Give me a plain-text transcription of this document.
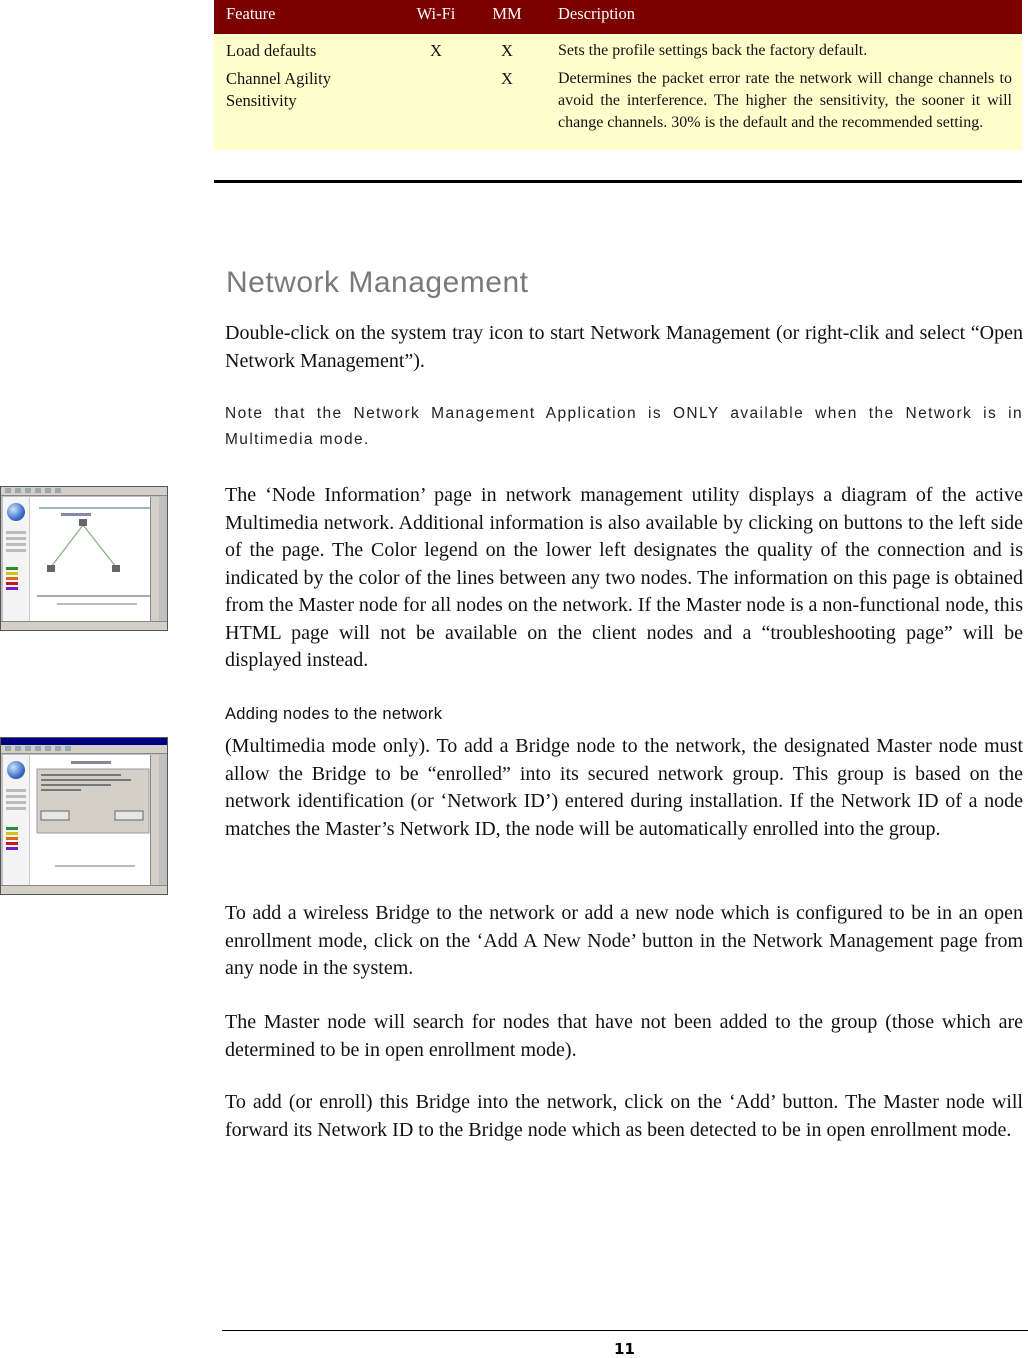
Feature	Wi-Fi	MM	Description
Load defaults	X	X	Sets the profile settings back the factory default.
Channel Agility Sensitivity		X	Determines the packet error rate the network will change channels to avoid the interference. The higher the sensitivity, the sooner it will change channels. 30% is the default and the recommended setting.
Network Management

Double-click on the system tray icon to start Network Management (or right-clik and select “Open Network Management”).

Note that the Network Management Application is ONLY available when the Network is in Multimedia mode.

The ‘Node Information’ page in network management utility displays a diagram of the active Multimedia network. Additional information is also available by clicking on buttons to the left side of the page. The Color legend on the lower left designates the quality of the connection and is indicated by the color of the lines between any two nodes. The information on this page is obtained from the Master node for all nodes on the network. If the Master node is a non-functional node, this HTML page will not be available on the client nodes and a “troubleshooting page” will be displayed instead.

Adding nodes to the network

(Multimedia mode only). To add a Bridge node to the network, the designated Master node must allow the Bridge to be “enrolled” into its secured network group. This group is based on the network identification (or ‘Network ID’) entered during installation. If the Network ID of a node matches the Master’s Network ID, the node will be automatically enrolled into the group.

To add a wireless Bridge to the network or add a new node which is configured to be in an open enrollment mode, click on the ‘Add A New Node’ button in the Network Management page from any node in the system.

The Master node will search for nodes that have not been added to the group (those which are determined to be in open enrollment mode).

To add (or enroll) this Bridge into the network, click on the ‘Add’ button. The Master node will forward its Network ID to the Bridge node which as been detected to be in open enrollment mode.

11
